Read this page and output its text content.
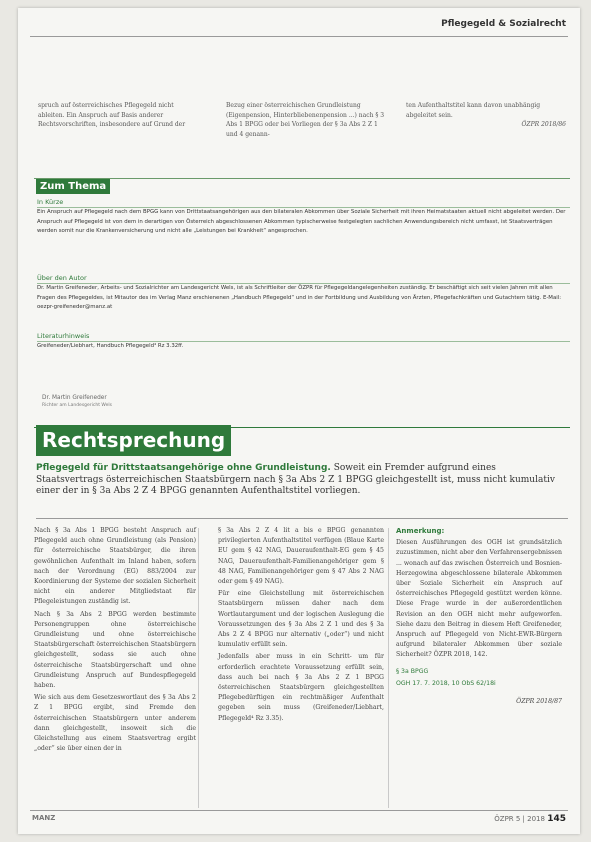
Pflegegeld & Sozialrecht
spruch auf österreichisches Pflegegeld nicht ableiten. Ein Anspruch auf Basis anderer Rechtsvorschriften, insbesondere auf Grund der
Bezug einer österreichischen Grundleistung (Eigenpension, Hinterbliebenenpension ...) nach § 3 Abs 1 BPGG oder bei Vorliegen der § 3a Abs 2 Z 1 und 4 genann-
ten Aufenthaltstitel kann davon unabhängig abgeleitet sein.
ÖZPR 2018/86
Zum Thema
In Kürze
Ein Anspruch auf Pflegegeld nach dem BPGG kann von Drittstaatsangehörigen aus den bilateralen Abkommen über Soziale Sicherheit mit ihren Heimatstaaten aktuell nicht abgeleitet werden. Der Anspruch auf Pflegegeld ist von dem in derartigen von Österreich abgeschlossenen Abkommen typischerweise festgelegten sachlichen Anwendungsbereich nicht umfasst, ist Staatsverträgen werden somit nur die Krankenversicherung und nicht alle „Leistungen bei Krankheit“ angesprochen.
Über den Autor
Dr. Martin Greifeneder, Arbeits- und Sozialrichter am Landesgericht Wels, ist als Schriftleiter der ÖZPR für Pflegegeldangelegenheiten zuständig. Er beschäftigt sich seit vielen Jahren mit allen Fragen des Pflegegeldes, ist Mitautor des im Verlag Manz erschienenen „Handbuch Pflegegeld“ und in der Fortbildung und Ausbildung von Ärzten, Pflegefachkräften und Gutachtern tätig. E-Mail: oezpr-greifeneder@manz.at
Literaturhinweis
Greifeneder/Liebhart, Handbuch Pflegegeld⁴ Rz 3.32ff.
Dr. Martin Greifeneder
Richter am Landesgericht Wels
Rechtsprechung
Pflegegeld für Drittstaatsangehörige ohne Grundleistung. Soweit ein Fremder aufgrund eines Staatsvertrags österreichischen Staatsbürgern nach § 3a Abs 2 Z 1 BPGG gleichgestellt ist, muss nicht kumulativ einer der in § 3a Abs 2 Z 4 BPGG genannten Aufenthaltstitel vorliegen.

Nach § 3a Abs 1 BPGG besteht Anspruch auf Pflegegeld auch ohne Grundleistung (als Pension) für österreichische Staatsbürger, die ihren gewöhnlichen Aufenthalt im Inland haben, sofern nach der Verordnung (EG) 883/2004 zur Koordinierung der Systeme der sozialen Sicherheit nicht ein anderer Mitgliedstaat für Pflegeleistungen zuständig ist.

Nach § 3a Abs 2 BPGG werden bestimmte Personengruppen ohne österreichische Grundleistung und ohne österreichische Staatsbürgerschaft österreichischen Staatsbürgern gleichgestellt, sodass sie auch ohne österreichische Staatsbürgerschaft und ohne Grundleistung Anspruch auf Bundespflegegeld haben.

Wie sich aus dem Gesetzeswortlaut des § 3a Abs 2 Z 1 BPGG ergibt, sind Fremde den österreichischen Staatsbürgern unter anderem dann gleichgestellt, insoweit sich die Gleichstellung aus einem Staatsvertrag ergibt „oder“ sie über einen der in

§ 3a Abs 2 Z 4 lit a bis e BPGG genannten privilegierten Aufenthaltstitel verfügen (Blaue Karte EU gem § 42 NAG, Daueraufenthalt-EG gem § 45 NAG, Daueraufenthalt-Familienangehöriger gem § 48 NAG, Familienangehöriger gem § 47 Abs 2 NAG oder gem § 49 NAG).

Für eine Gleichstellung mit österreichischen Staatsbürgern müssen daher nach dem Wortlautargument und der logischen Auslegung die Voraussetzungen des § 3a Abs 2 Z 1 und des § 3a Abs 2 Z 4 BPGG nur alternativ („oder“) und nicht kumulativ erfüllt sein.

Jedenfalls aber muss in ein Schritt- um für erforderlich erachtete Voraussetzung erfüllt sein, dass auch bei nach § 3a Abs 2 Z 1 BPGG österreichischen Staatsbürgern gleichgestellten Pflegebedürftigen ein rechtmäßiger Aufenthalt gegeben sein muss (Greifeneder/Liebhart, Pflegegeld⁴ Rz 3.35).

Anmerkung:

Diesen Ausführungen des OGH ist grundsätzlich zuzustimmen, nicht aber den Verfahrensergebnissen ... wonach auf das zwischen Österreich und Bosnien-Herzegowina abgeschlossene bilaterale Abkommen über Soziale Sicherheit ein Anspruch auf österreichisches Pflegegeld gestützt werden könne. Diese Frage wurde in der außerordentlichen Revision an den OGH nicht mehr aufgeworfen. Siehe dazu den Beitrag in diesem Heft Greifeneder, Anspruch auf Pflegegeld von Nicht-EWR-Bürgern aufgrund bilateraler Abkommen über soziale Sicherheit? ÖZPR 2018, 142.

§ 3a BPGG

OGH 17. 7. 2018, 10 ObS 62/18i

ÖZPR 2018/87

MANZ	ÖZPR 5 | 2018 145
